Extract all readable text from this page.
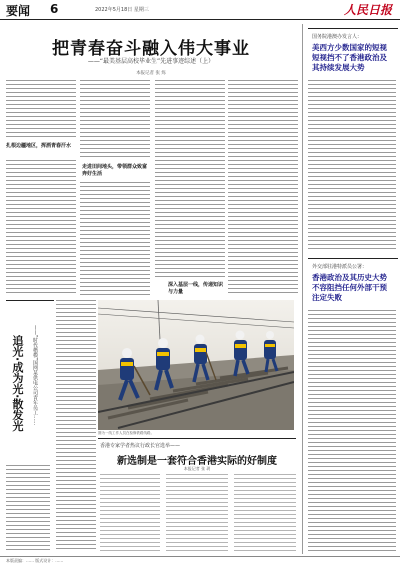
要闻 6	2022年5月18日 星期三	人民日报
把青春奋斗融入伟大事业
——“最美基层高校毕业生”先进事迹综述（上）
本报记者 张 烁
扎根边疆地区，挥洒青春汗水
走进田间地头，带领群众致富奔好生活
深入基层一线，传递知识与力量
追光·成为光·散发光	——“时代楷模”国网某供电公司青年员工……
图为一线工作人员在检修铁路线路。
香港专家学者热议行政长官选举——
新选制是一套符合香港实际的好制度
本报记者 张 玥
国务院港澳办发言人：
美西方少数国家的短视短视挡不了香港政治及其持续发展大势
外交部驻港特派员公署：
香港政治及其历史大势不容阻挡任何外部干预注定失败
本版责编：…… 版式设计：……
